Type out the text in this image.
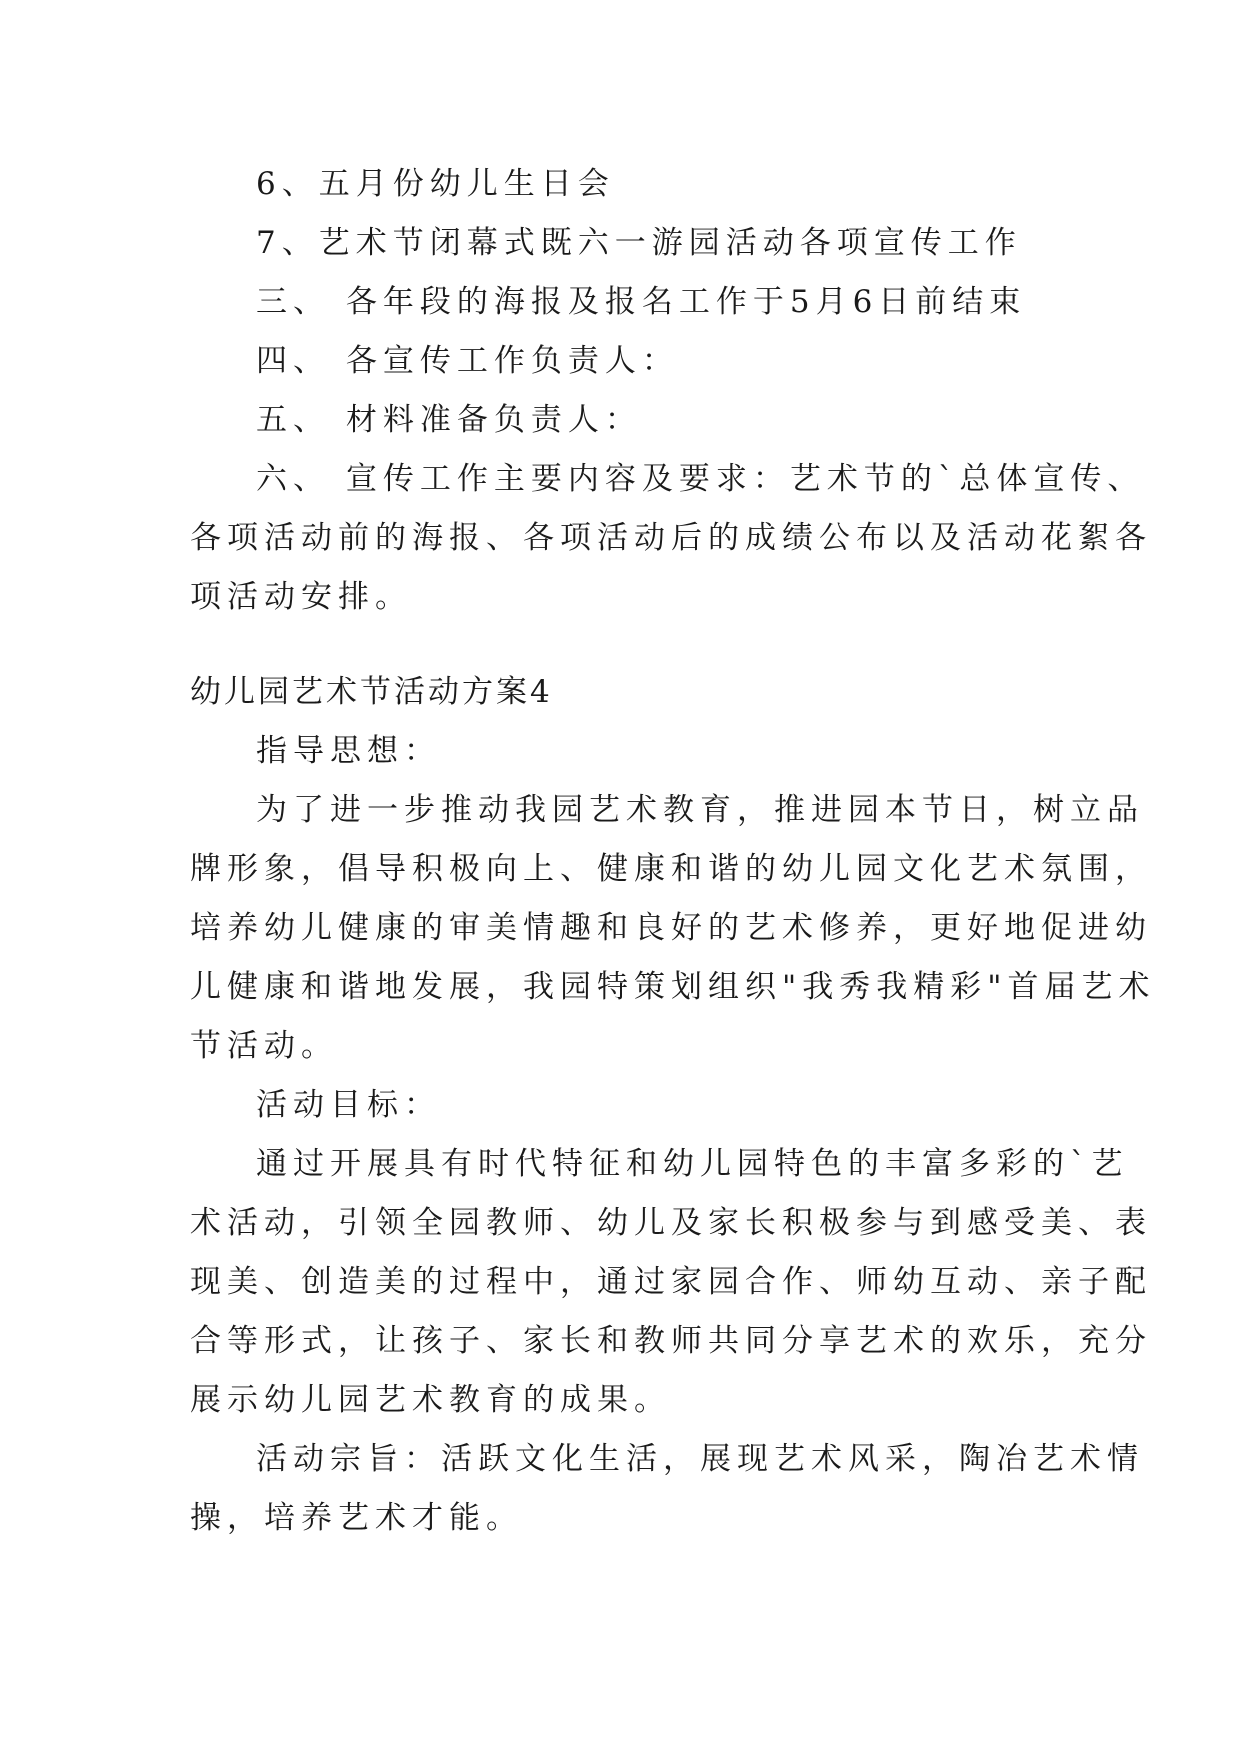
6、五月份幼儿生日会
7、艺术节闭幕式既六一游园活动各项宣传工作
三、 各年段的海报及报名工作于5月6日前结束
四、 各宣传工作负责人：
五、 材料准备负责人：
六、 宣传工作主要内容及要求：艺术节的`总体宣传、
各项活动前的海报、各项活动后的成绩公布以及活动花絮各
项活动安排。
幼儿园艺术节活动方案4
指导思想：
为了进一步推动我园艺术教育，推进园本节日，树立品
牌形象，倡导积极向上、健康和谐的幼儿园文化艺术氛围，
培养幼儿健康的审美情趣和良好的艺术修养，更好地促进幼
儿健康和谐地发展，我园特策划组织"我秀我精彩"首届艺术
节活动。
活动目标：
通过开展具有时代特征和幼儿园特色的丰富多彩的`艺
术活动，引领全园教师、幼儿及家长积极参与到感受美、表
现美、创造美的过程中，通过家园合作、师幼互动、亲子配
合等形式，让孩子、家长和教师共同分享艺术的欢乐，充分
展示幼儿园艺术教育的成果。
活动宗旨：活跃文化生活，展现艺术风采，陶冶艺术情
操，培养艺术才能。
